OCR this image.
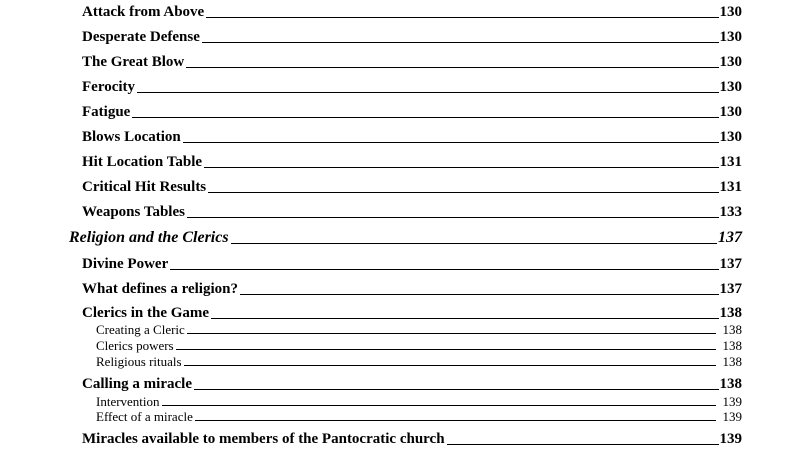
Attack from Above	130
Desperate Defense	130
The Great Blow	130
Ferocity	130
Fatigue	130
Blows Location	130
Hit Location Table	131
Critical Hit Results	131
Weapons Tables	133
Religion and the Clerics	137
Divine Power	137
What defines a religion?	137
Clerics in the Game	138
Creating a Cleric	138
Clerics powers	138
Religious rituals	138
Calling a miracle	138
Intervention	139
Effect of a miracle	139
Miracles available to members of the Pantocratic church	139
